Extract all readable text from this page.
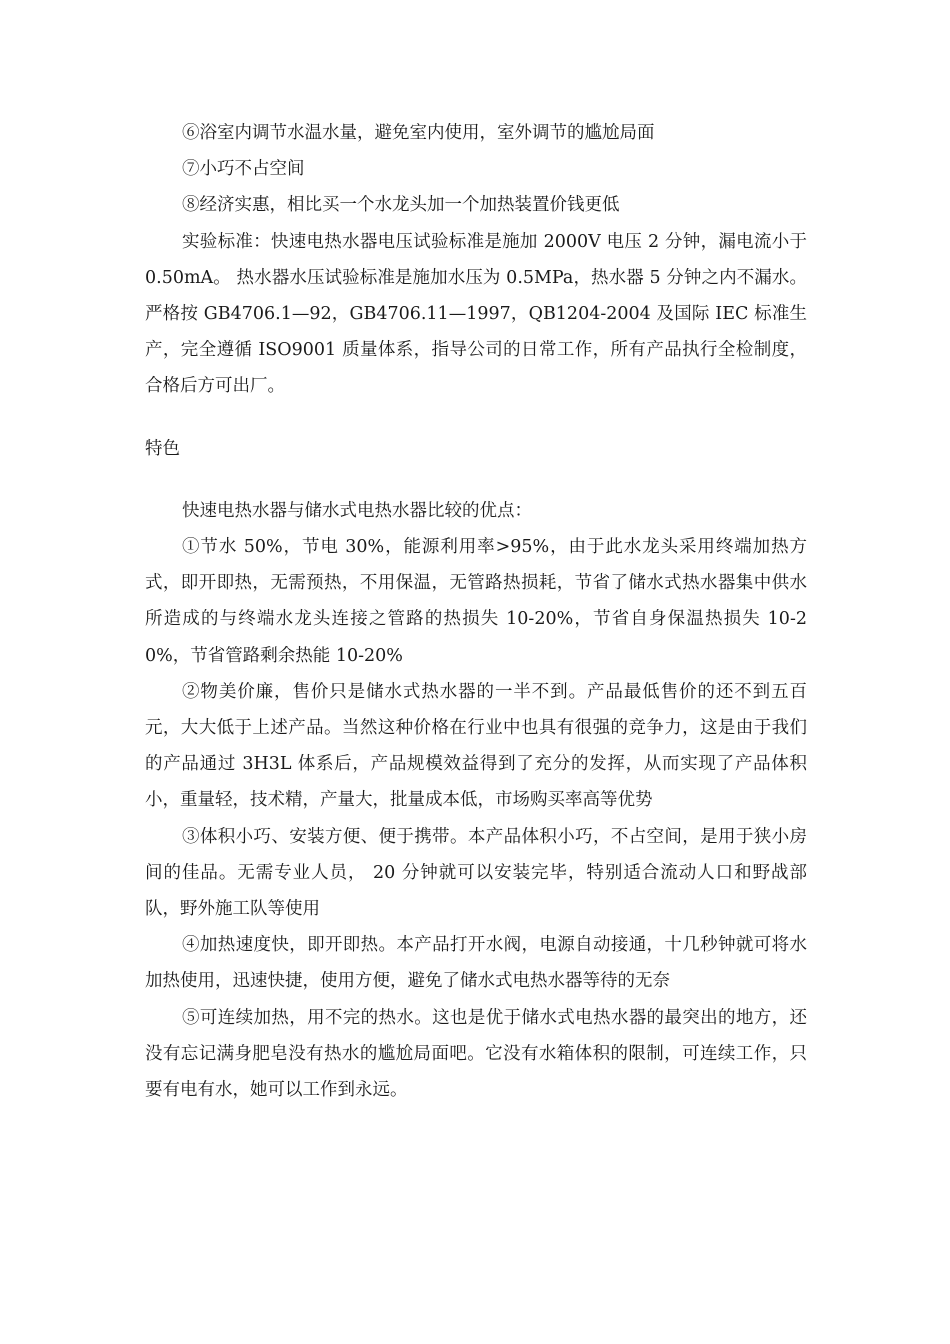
⑥浴室内调节水温水量，避免室内使用，室外调节的尴尬局面

⑦小巧不占空间

⑧经济实惠，相比买一个水龙头加一个加热装置价钱更低

实验标准：快速电热水器电压试验标准是施加 2000V 电压 2 分钟，漏电流小于 0.50mA。 热水器水压试验标准是施加水压为 0.5MPa，热水器 5 分钟之内不漏水。严格按 GB4706.1—92，GB4706.11—1997，QB1204-2004 及国际 IEC 标准生产，完全遵循 ISO9001 质量体系，指导公司的日常工作，所有产品执行全检制度，合格后方可出厂。

特色

快速电热水器与储水式电热水器比较的优点：

①节水 50%，节电 30%，能源利用率>95%，由于此水龙头采用终端加热方式，即开即热，无需预热，不用保温，无管路热损耗，节省了储水式热水器集中供水所造成的与终端水龙头连接之管路的热损失 10-20%，节省自身保温热损失 10-20%，节省管路剩余热能 10-20%

②物美价廉，售价只是储水式热水器的一半不到。产品最低售价的还不到五百元，大大低于上述产品。当然这种价格在行业中也具有很强的竞争力，这是由于我们的产品通过 3H3L 体系后，产品规模效益得到了充分的发挥，从而实现了产品体积小，重量轻，技术精，产量大，批量成本低，市场购买率高等优势

③体积小巧、安装方便、便于携带。本产品体积小巧，不占空间，是用于狭小房间的佳品。无需专业人员， 20 分钟就可以安装完毕，特别适合流动人口和野战部队，野外施工队等使用

④加热速度快，即开即热。本产品打开水阀，电源自动接通，十几秒钟就可将水加热使用，迅速快捷，使用方便，避免了储水式电热水器等待的无奈

⑤可连续加热，用不完的热水。这也是优于储水式电热水器的最突出的地方，还没有忘记满身肥皂没有热水的尴尬局面吧。它没有水箱体积的限制，可连续工作，只要有电有水，她可以工作到永远。
